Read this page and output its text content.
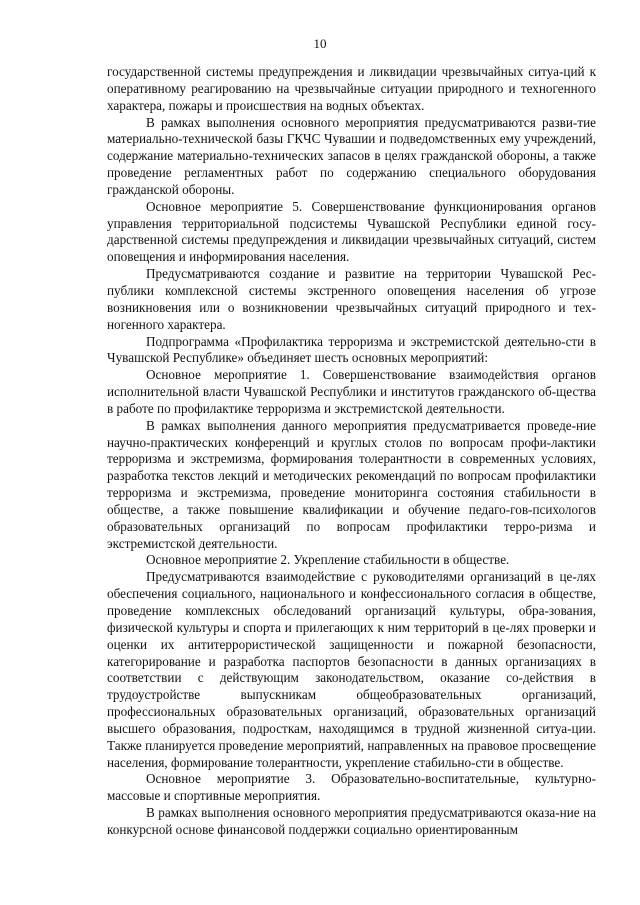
10

государственной системы предупреждения и ликвидации чрезвычайных ситуа-ций к оперативному реагированию на чрезвычайные ситуации природного и техногенного характера, пожары и происшествия на водных объектах.

В рамках выполнения основного мероприятия предусматриваются разви-тие материально-технической базы ГКЧС Чувашии и подведомственных ему учреждений, содержание материально-технических запасов в целях гражданской обороны, а также проведение регламентных работ по содержанию специального оборудования гражданской обороны.

Основное мероприятие 5. Совершенствование функционирования органов управления территориальной подсистемы Чувашской Республики единой госу-дарственной системы предупреждения и ликвидации чрезвычайных ситуаций, систем оповещения и информирования населения.

Предусматриваются создание и развитие на территории Чувашской Рес-публики комплексной системы экстренного оповещения населения об угрозе возникновения или о возникновении чрезвычайных ситуаций природного и тех-ногенного характера.

Подпрограмма «Профилактика терроризма и экстремистской деятельно-сти в Чувашской Республике» объединяет шесть основных мероприятий:

Основное мероприятие 1. Совершенствование взаимодействия органов исполнительной власти Чувашской Республики и институтов гражданского об-щества в работе по профилактике терроризма и экстремистской деятельности.

В рамках выполнения данного мероприятия предусматривается проведе-ние научно-практических конференций и круглых столов по вопросам профи-лактики терроризма и экстремизма, формирования толерантности в современных условиях, разработка текстов лекций и методических рекомендаций по вопросам профилактики терроризма и экстремизма, проведение мониторинга состояния стабильности в обществе, а также повышение квалификации и обучение педаго-гов-психологов образовательных организаций по вопросам профилактики терро-ризма и экстремистской деятельности.

Основное мероприятие 2. Укрепление стабильности в обществе.

Предусматриваются взаимодействие с руководителями организаций в це-лях обеспечения социального, национального и конфессионального согласия в обществе, проведение комплексных обследований организаций культуры, обра-зования, физической культуры и спорта и прилегающих к ним территорий в це-лях проверки и оценки их антитеррористической защищенности и пожарной безопасности, категорирование и разработка паспортов безопасности в данных организациях в соответствии с действующим законодательством, оказание со-действия в трудоустройстве выпускникам общеобразовательных организаций, профессиональных образовательных организаций, образовательных организаций высшего образования, подросткам, находящимся в трудной жизненной ситуа-ции. Также планируется проведение мероприятий, направленных на правовое просвещение населения, формирование толерантности, укрепление стабильно-сти в обществе.

Основное мероприятие 3. Образовательно-воспитательные, культурно-массовые и спортивные мероприятия.

В рамках выполнения основного мероприятия предусматриваются оказа-ние на конкурсной основе финансовой поддержки социально ориентированным
